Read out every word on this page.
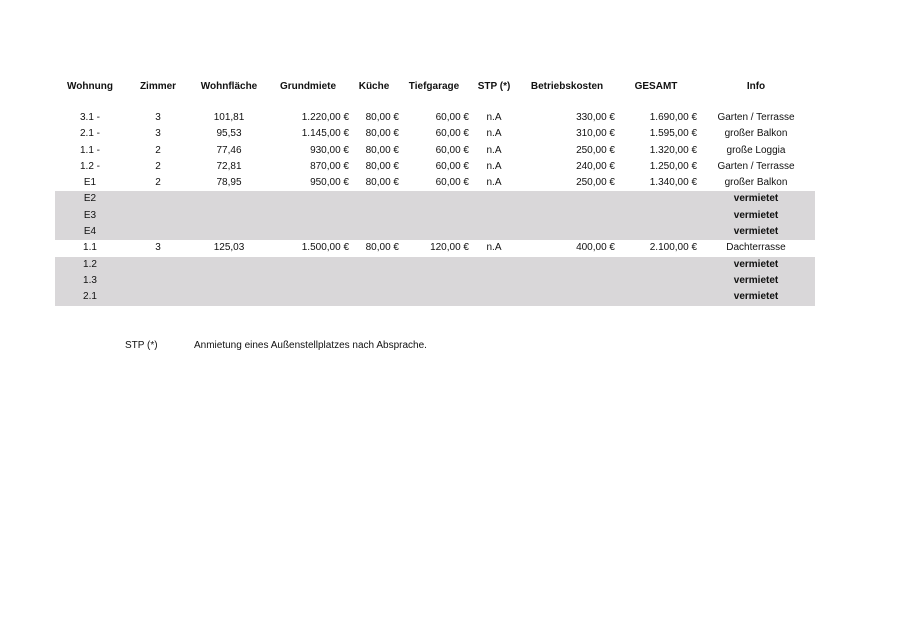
Wohnung	Zimmer	Wohnfläche	Grundmiete	Küche	Tiefgarage	STP (*)	Betriebskosten	GESAMT	Info

3.1 -	3	101,81	1.220,00 €	80,00 €	60,00 €	n.A	330,00 €	1.690,00 €	Garten / Terrasse
2.1 -	3	95,53	1.145,00 €	80,00 €	60,00 €	n.A	310,00 €	1.595,00 €	großer Balkon
1.1 -	2	77,46	930,00 €	80,00 €	60,00 €	n.A	250,00 €	1.320,00 €	große Loggia
1.2 -	2	72,81	870,00 €	80,00 €	60,00 €	n.A	240,00 €	1.250,00 €	Garten / Terrasse
E1	2	78,95	950,00 €	80,00 €	60,00 €	n.A	250,00 €	1.340,00 €	großer Balkon
E2									vermietet
E3									vermietet
E4									vermietet
1.1	3	125,03	1.500,00 €	80,00 €	120,00 €	n.A	400,00 €	2.100,00 €	Dachterrasse
1.2									vermietet
1.3									vermietet
2.1									vermietet
STP (*)	Anmietung eines Außenstellplatzes nach Absprache.
